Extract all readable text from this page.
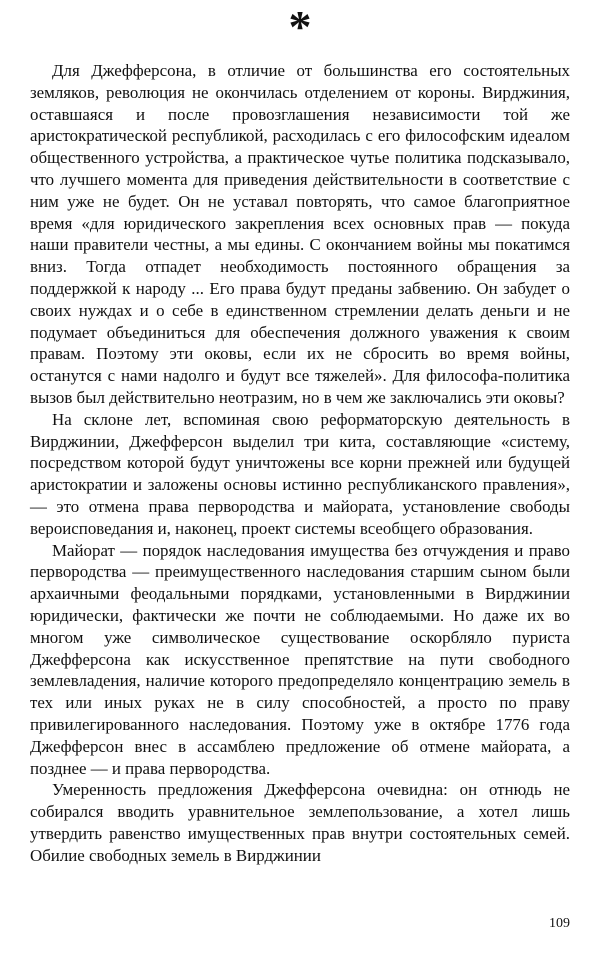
*

Для Джефферсона, в отличие от большинства его состоятельных земляков, революция не окончилась отделением от короны. Вирджиния, оставшаяся и после провозглашения независимости той же аристократической республикой, расходилась с его философским идеалом общественного устройства, а практическое чутье политика подсказывало, что лучшего момента для приведения действительности в соответствие с ним уже не будет. Он не уставал повторять, что самое благоприятное время «для юридического закрепления всех основных прав — покуда наши правители честны, а мы едины. С окончанием войны мы покатимся вниз. Тогда отпадет необходимость постоянного обращения за поддержкой к народу ... Его права будут преданы забвению. Он забудет о своих нуждах и о себе в единственном стремлении делать деньги и не подумает объединиться для обеспечения должного уважения к своим правам. Поэтому эти оковы, если их не сбросить во время войны, останутся с нами надолго и будут все тяжелей». Для философа-политика вызов был действительно неотразим, но в чем же заключались эти оковы?

На склоне лет, вспоминая свою реформаторскую деятельность в Вирджинии, Джефферсон выделил три кита, составляющие «систему, посредством которой будут уничтожены все корни прежней или будущей аристократии и заложены основы истинно республиканского правления», — это отмена права первородства и майората, установление свободы вероисповедания и, наконец, проект системы всеобщего образования.

Майорат — порядок наследования имущества без отчуждения и право первородства — преимущественного наследования старшим сыном были архаичными феодальными порядками, установленными в Вирджинии юридически, фактически же почти не соблюдаемыми. Но даже их во многом уже символическое существование оскорбляло пуриста Джефферсона как искусственное препятствие на пути свободного землевладения, наличие которого предопределяло концентрацию земель в тех или иных руках не в силу способностей, а просто по праву привилегированного наследования. Поэтому уже в октябре 1776 года Джефферсон внес в ассамблею предложение об отмене майората, а позднее — и права первородства.

Умеренность предложения Джефферсона очевидна: он отнюдь не собирался вводить уравнительное землепользование, а хотел лишь утвердить равенство имущественных прав внутри состоятельных семей. Обилие свободных земель в Вирджинии

109
